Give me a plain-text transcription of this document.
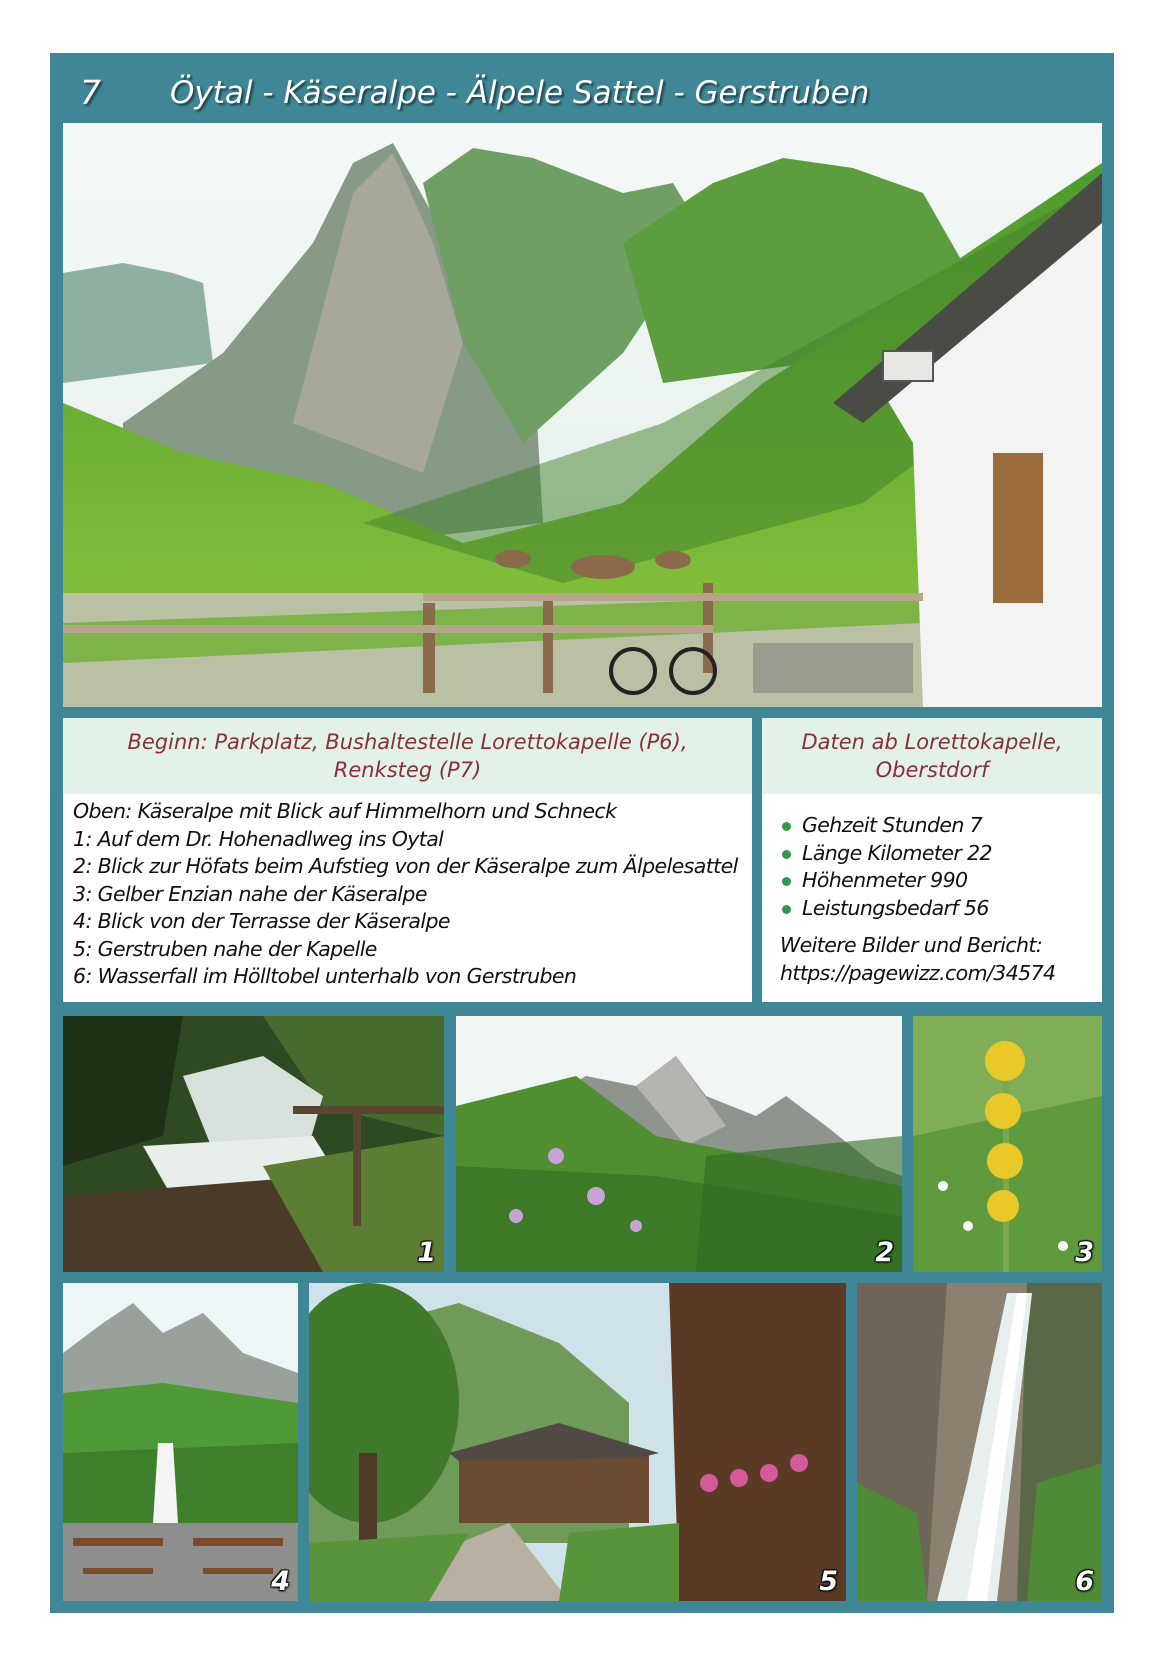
7	Öytal - Käseralpe - Älpele Sattel - Gerstruben
Beginn: Parkplatz, Bushaltestelle Lorettokapelle (P6),
Renksteg (P7)
Oben: Käseralpe mit Blick auf Himmelhorn und Schneck
1: Auf dem Dr. Hohenadlweg ins Oytal
2: Blick zur Höfats beim Aufstieg von der Käseralpe zum Älpelesattel
3: Gelber Enzian nahe der Käseralpe
4: Blick von der Terrasse der Käseralpe
5: Gerstruben nahe der Kapelle
6: Wasserfall im Hölltobel unterhalb von Gerstruben
Daten ab Lorettokapelle,
Oberstdorf
Gehzeit Stunden 7
Länge Kilometer 22
Höhenmeter 990
Leistungsbedarf 56
Weitere Bilder und Bericht:
https://pagewizz.com/34574
1	2	3
4	5	6
